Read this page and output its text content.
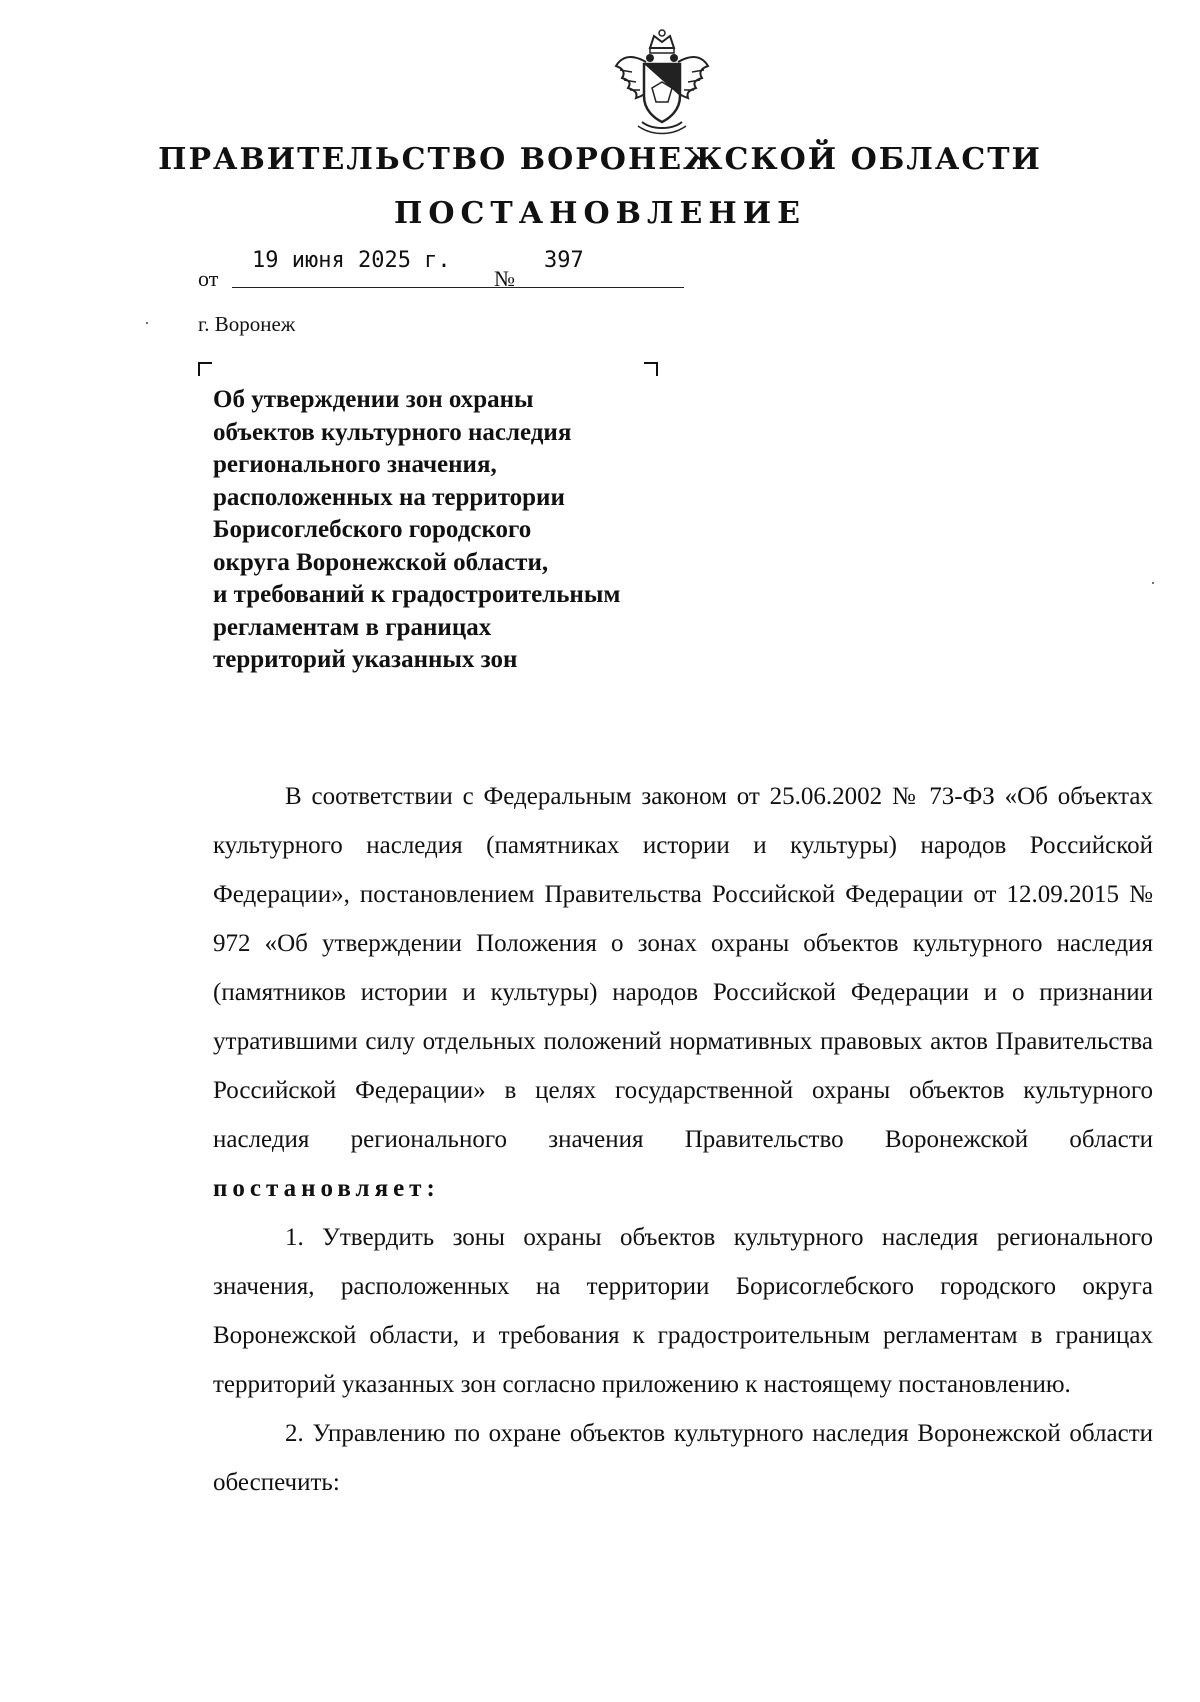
ПРАВИТЕЛЬСТВО ВОРОНЕЖСКОЙ ОБЛАСТИ
ПОСТАНОВЛЕНИЕ
от
19 июня 2025 г.
№
397
г. Воронеж
Об утверждении зон охраны
объектов культурного наследия
регионального значения,
расположенных на территории
Борисоглебского городского
округа Воронежской области,
и требований к градостроительным
регламентам в границах
территорий указанных зон

В соответствии с Федеральным законом от 25.06.2002 № 73-ФЗ «Об объектах культурного наследия (памятниках истории и культуры) народов Российской Федерации», постановлением Правительства Российской Федерации от 12.09.2015 № 972 «Об утверждении Положения о зонах охраны объектов культурного наследия (памятников истории и культуры) народов Российской Федерации и о признании утратившими силу отдельных положений нормативных правовых актов Правительства Российской Федерации» в целях государственной охраны объектов культурного наследия регионального значения Правительство Воронежской области постановляет:

1. Утвердить зоны охраны объектов культурного наследия регионального значения, расположенных на территории Борисоглебского городского округа Воронежской области, и требования к градостроительным регламентам в границах территорий указанных зон согласно приложению к настоящему постановлению.

2. Управлению по охране объектов культурного наследия Воронежской области обеспечить:
